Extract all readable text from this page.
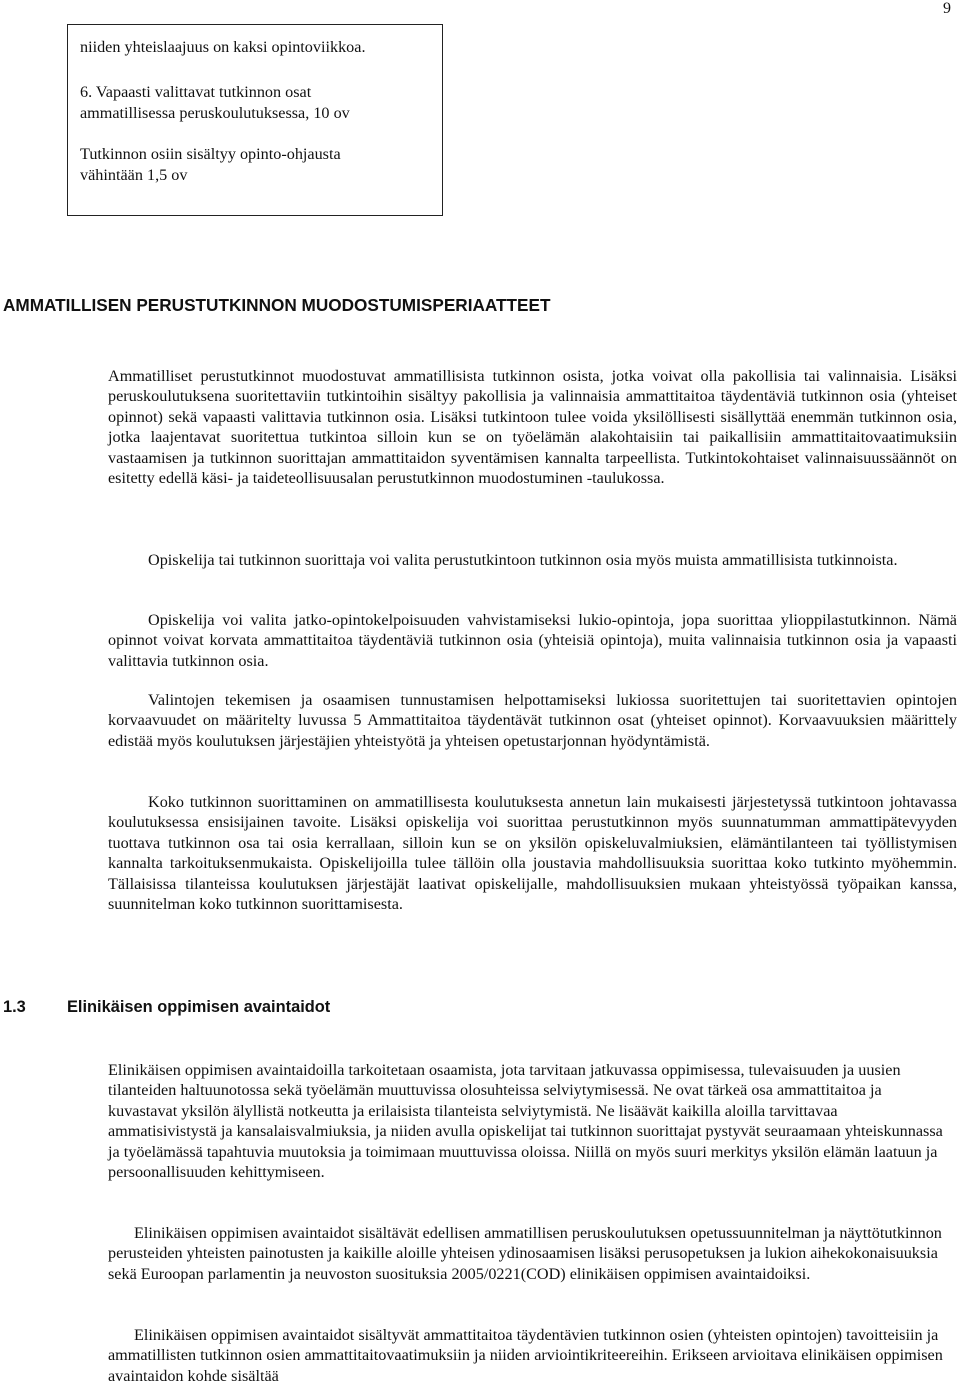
9

niiden yhteislaajuus on kaksi opintoviikkoa.

6. Vapaasti valittavat tutkinnon osat

ammatillisessa peruskoulutuksessa, 10 ov

Tutkinnon osiin sisältyy opinto-ohjausta

vähintään 1,5 ov

AMMATILLISEN PERUSTUTKINNON MUODOSTUMISPERIAATTEET

Ammatilliset perustutkinnot muodostuvat ammatillisista tutkinnon osista, jotka voivat olla pakollisia tai valinnaisia. Lisäksi peruskoulutuksena suoritettaviin tutkintoihin sisältyy pakollisia ja valinnaisia ammattitaitoa täydentäviä tutkinnon osia (yhteiset opinnot) sekä vapaasti valittavia tutkinnon osia. Lisäksi tutkintoon tulee voida yksilöllisesti sisällyttää enemmän tutkinnon osia, jotka laajentavat suoritettua tutkintoa silloin kun se on työelämän alakohtaisiin tai paikallisiin ammattitaitovaatimuksiin vastaamisen ja tutkinnon suorittajan ammattitaidon syventämisen kannalta tarpeellista. Tutkintokohtaiset valinnaisuussäännöt on esitetty edellä käsi- ja taideteollisuusalan perustutkinnon muodostuminen -taulukossa.

Opiskelija tai tutkinnon suorittaja voi valita perustutkintoon tutkinnon osia myös muista ammatillisista tutkinnoista.

Opiskelija voi valita jatko-opintokelpoisuuden vahvistamiseksi lukio-opintoja, jopa suorittaa ylioppilastutkinnon. Nämä opinnot voivat korvata ammattitaitoa täydentäviä tutkinnon osia (yhteisiä opintoja), muita valinnaisia tutkinnon osia ja vapaasti valittavia tutkinnon osia.

Valintojen tekemisen ja osaamisen tunnustamisen helpottamiseksi lukiossa suoritettujen tai suoritettavien opintojen korvaavuudet on määritelty luvussa 5 Ammattitaitoa täydentävät tutkinnon osat (yhteiset opinnot). Korvaavuuksien määrittely edistää myös koulutuksen järjestäjien yhteistyötä ja yhteisen opetustarjonnan hyödyntämistä.

Koko tutkinnon suorittaminen on ammatillisesta koulutuksesta annetun lain mukaisesti järjestetyssä tutkintoon johtavassa koulutuksessa ensisijainen tavoite. Lisäksi opiskelija voi suorittaa perustutkinnon myös suunnatumman ammattipätevyyden tuottava tutkinnon osa tai osia kerrallaan, silloin kun se on yksilön opiskeluvalmiuksien, elämäntilanteen tai työllistymisen kannalta tarkoituksenmukaista. Opiskelijoilla tulee tällöin olla joustavia mahdollisuuksia suorittaa koko tutkinto myöhemmin. Tällaisissa tilanteissa koulutuksen järjestäjät laativat opiskelijalle, mahdollisuuksien mukaan yhteistyössä työpaikan kanssa, suunnitelman koko tutkinnon suorittamisesta.

1.3	Elinikäisen oppimisen avaintaidot

Elinikäisen oppimisen avaintaidoilla tarkoitetaan osaamista, jota tarvitaan jatkuvassa oppimisessa, tulevaisuuden ja uusien tilanteiden haltuunotossa sekä työelämän muuttuvissa olosuhteissa selviytymisessä. Ne ovat tärkeä osa ammattitaitoa ja kuvastavat yksilön älyllistä notkeutta ja erilaisista tilanteista selviytymistä. Ne lisäävät kaikilla aloilla tarvittavaa ammatisivistystä ja kansalaisvalmiuksia, ja niiden avulla opiskelijat tai tutkinnon suorittajat pystyvät seuraamaan yhteiskunnassa ja työelämässä tapahtuvia muutoksia ja toimimaan muuttuvissa oloissa. Niillä on myös suuri merkitys yksilön elämän laatuun ja persoonallisuuden kehittymiseen.

Elinikäisen oppimisen avaintaidot sisältävät edellisen ammatillisen peruskoulutuksen opetussuunnitelman ja näyttötutkinnon perusteiden yhteisten painotusten ja kaikille aloille yhteisen ydinosaamisen lisäksi perusopetuksen ja lukion aihekokonaisuuksia sekä Euroopan parlamentin ja neuvoston suosituksia 2005/0221(COD) elinikäisen oppimisen avaintaidoiksi.

Elinikäisen oppimisen avaintaidot sisältyvät ammattitaitoa täydentävien tutkinnon osien (yhteisten opintojen) tavoitteisiin ja ammatillisten tutkinnon osien ammattitaitovaatimuksiin ja niiden arviointikriteereihin. Erikseen arvioitava elinikäisen oppimisen avaintaidon kohde sisältää
